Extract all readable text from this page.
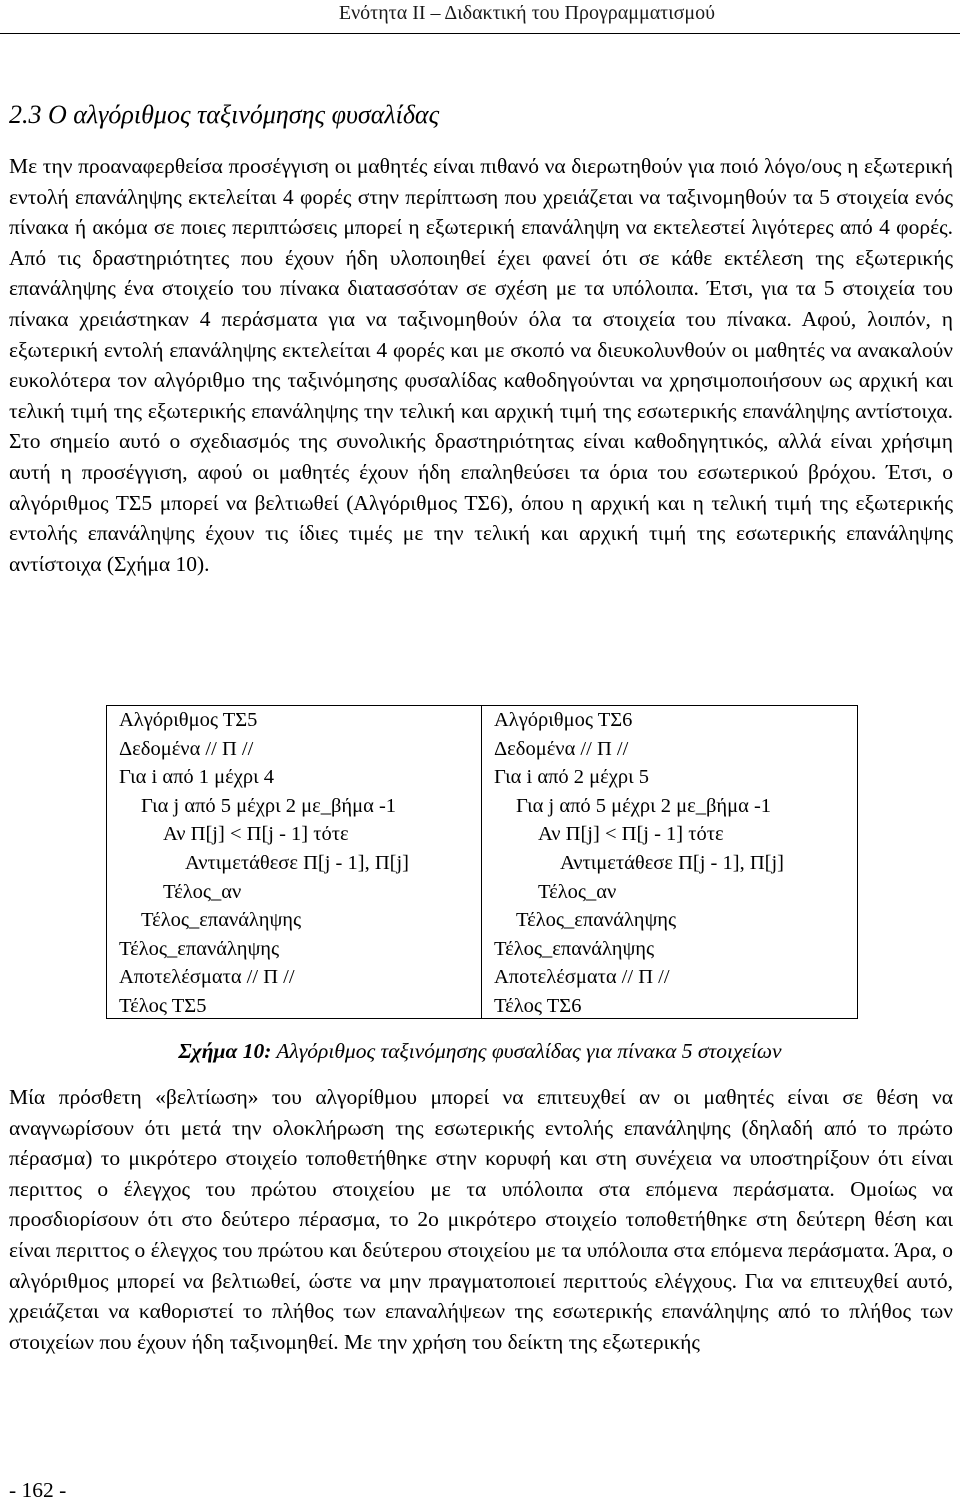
Ενότητα ΙΙ – Διδακτική του Προγραμματισμού
2.3 Ο αλγόριθμος ταξινόμησης φυσαλίδας

Με την προαναφερθείσα προσέγγιση οι μαθητές είναι πιθανό να διερωτηθούν για ποιό λόγο/ους η εξωτερική εντολή επανάληψης εκτελείται 4 φορές στην περίπτωση που χρειάζεται να ταξινομηθούν τα 5 στοιχεία ενός πίνακα ή ακόμα σε ποιες περιπτώσεις μπορεί η εξωτερική επανάληψη να εκτελεστεί λιγότερες από 4 φορές. Από τις δραστηριότητες που έχουν ήδη υλοποιηθεί έχει φανεί ότι σε κάθε εκτέλεση της εξωτερικής επανάληψης ένα στοιχείο του πίνακα διατασσόταν σε σχέση με τα υπόλοιπα. Έτσι, για τα 5 στοιχεία του πίνακα χρειάστηκαν 4 περάσματα για να ταξινομηθούν όλα τα στοιχεία του πίνακα. Αφού, λοιπόν, η εξωτερική εντολή επανάληψης εκτελείται 4 φορές και με σκοπό να διευκολυνθούν οι μαθητές να ανακαλούν ευκολότερα τον αλγόριθμο της ταξινόμησης φυσαλίδας καθοδηγούνται να χρησιμοποιήσουν ως αρχική και τελική τιμή της εξωτερικής επανάληψης την τελική και αρχική τιμή της εσωτερικής επανάληψης αντίστοιχα. Στο σημείο αυτό ο σχεδιασμός της συνολικής δραστηριότητας είναι καθοδηγητικός, αλλά είναι χρήσιμη αυτή η προσέγγιση, αφού οι μαθητές έχουν ήδη επαληθεύσει τα όρια του εσωτερικού βρόχου. Έτσι, ο αλγόριθμος ΤΣ5 μπορεί να βελτιωθεί (Αλγόριθμος ΤΣ6), όπου η αρχική και η τελική τιμή της εξωτερικής εντολής επανάληψης έχουν τις ίδιες τιμές με την τελική και αρχική τιμή της εσωτερικής επανάληψης αντίστοιχα (Σχήμα 10).

Αλγόριθμος ΤΣ5
Δεδομένα // Π //
Για i από 1 μέχρι 4
Για j από 5 μέχρι 2 με_βήμα -1
Αν Π[j] < Π[j - 1] τότε
Αντιμετάθεσε Π[j - 1], Π[j]
Τέλος_αν
Τέλος_επανάληψης
Τέλος_επανάληψης
Αποτελέσματα // Π //
Τέλος ΤΣ5
Αλγόριθμος ΤΣ6
Δεδομένα // Π //
Για i από 2 μέχρι 5
Για j από 5 μέχρι 2 με_βήμα -1
Αν Π[j] < Π[j - 1] τότε
Αντιμετάθεσε Π[j - 1], Π[j]
Τέλος_αν
Τέλος_επανάληψης
Τέλος_επανάληψης
Αποτελέσματα // Π //
Τέλος ΤΣ6
Σχήμα 10: Αλγόριθμος ταξινόμησης φυσαλίδας για πίνακα 5 στοιχείων

Μία πρόσθετη «βελτίωση» του αλγορίθμου μπορεί να επιτευχθεί αν οι μαθητές είναι σε θέση να αναγνωρίσουν ότι μετά την ολοκλήρωση της εσωτερικής εντολής επανάληψης (δηλαδή από το πρώτο πέρασμα) το μικρότερο στοιχείο τοποθετήθηκε στην κορυφή και στη συνέχεια να υποστηρίξουν ότι είναι περιττος ο έλεγχος του πρώτου στοιχείου με τα υπόλοιπα στα επόμενα περάσματα. Ομοίως να προσδιορίσουν ότι στο δεύτερο πέρασμα, το 2ο μικρότερο στοιχείο τοποθετήθηκε στη δεύτερη θέση και είναι περιττος ο έλεγχος του πρώτου και δεύτερου στοιχείου με τα υπόλοιπα στα επόμενα περάσματα. Άρα, ο αλγόριθμος μπορεί να βελτιωθεί, ώστε να μην πραγματοποιεί περιττούς ελέγχους. Για να επιτευχθεί αυτό, χρειάζεται να καθοριστεί το πλήθος των επαναλήψεων της εσωτερικής επανάληψης από το πλήθος των στοιχείων που έχουν ήδη ταξινομηθεί. Με την χρήση του δείκτη της εξωτερικής

- 162 -
